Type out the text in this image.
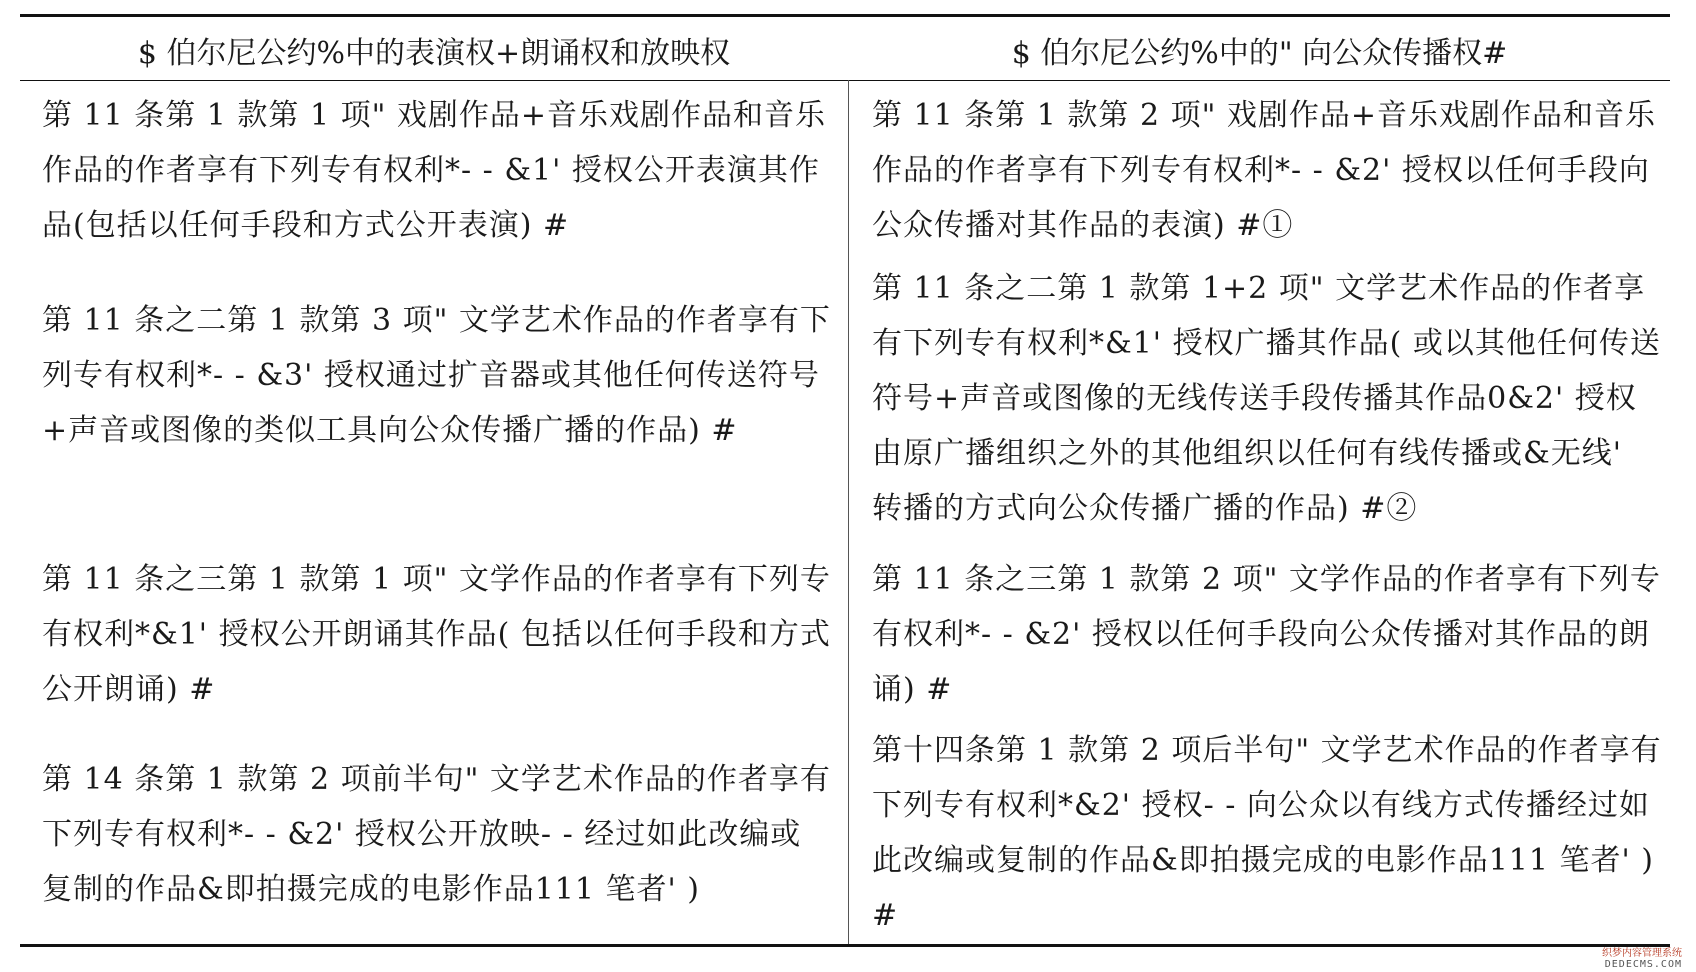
$ 伯尔尼公约%中的表演权+朗诵权和放映权	$ 伯尔尼公约%中的" 向公众传播权#

第 11 条第 1 款第 1 项" 戏剧作品+音乐戏剧作品和音乐作品的作者享有下列专有权利*- - &1' 授权公开表演其作品(包括以任何手段和方式公开表演) #

第 11 条第 1 款第 2 项" 戏剧作品+音乐戏剧作品和音乐作品的作者享有下列专有权利*- - &2' 授权以任何手段向公众传播对其作品的表演) #①

第 11 条之二第 1 款第 3 项" 文学艺术作品的作者享有下列专有权利*- - &3' 授权通过扩音器或其他任何传送符号+声音或图像的类似工具向公众传播广播的作品) #

第 11 条之二第 1 款第 1+2 项" 文学艺术作品的作者享有下列专有权利*&1' 授权广播其作品( 或以其他任何传送符号+声音或图像的无线传送手段传播其作品0&2' 授权由原广播组织之外的其他组织以任何有线传播或&无线' 转播的方式向公众传播广播的作品) #②

第 11 条之三第 1 款第 1 项" 文学作品的作者享有下列专有权利*&1' 授权公开朗诵其作品( 包括以任何手段和方式公开朗诵) #

第 11 条之三第 1 款第 2 项" 文学作品的作者享有下列专有权利*- - &2' 授权以任何手段向公众传播对其作品的朗诵) #

第 14 条第 1 款第 2 项前半句" 文学艺术作品的作者享有下列专有权利*- - &2' 授权公开放映- - 经过如此改编或复制的作品&即拍摄完成的电影作品111 笔者' )

第十四条第 1 款第 2 项后半句" 文学艺术作品的作者享有下列专有权利*&2' 授权- - 向公众以有线方式传播经过如此改编或复制的作品&即拍摄完成的电影作品111 笔者' ) #

织梦内容管理系统
DEDECMS.COM
